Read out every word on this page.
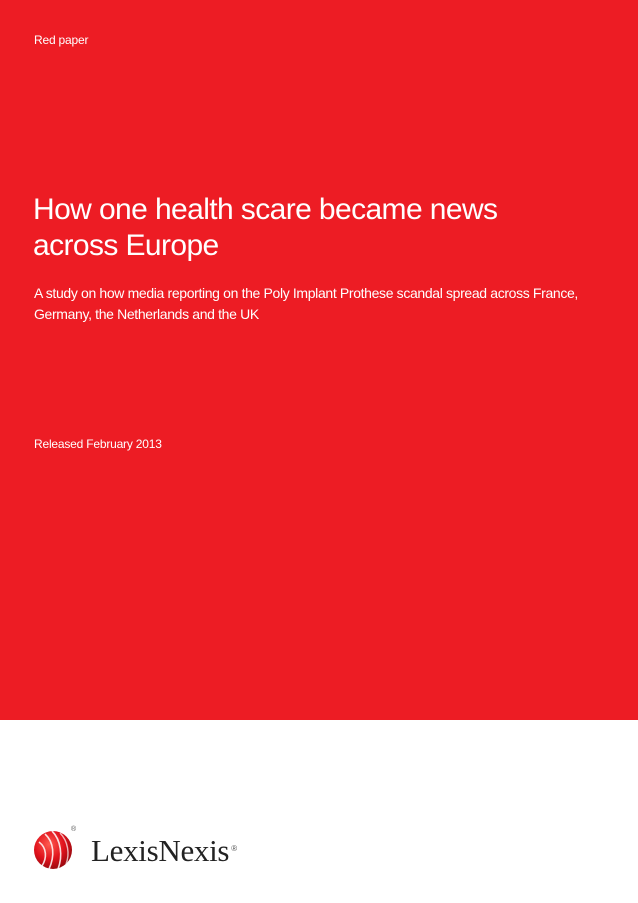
Red paper
How one health scare became news across Europe

A study on how media reporting on the Poly Implant Prothese scandal spread across France, Germany, the Netherlands and the UK

Released February 2013
®
LexisNexis ®
